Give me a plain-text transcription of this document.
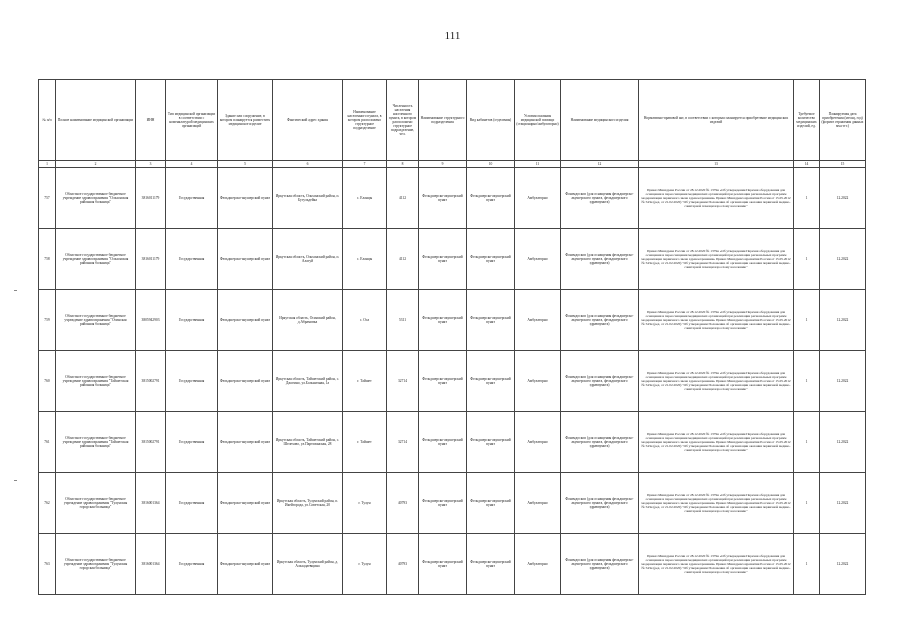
111
№ п/п	Полное наименование медицинской организации	ИНН	Тип медицинской организации в соответствии с номенклатурой медицинских организаций	Здание или сооружение, в котором планируется разместить медицинское изделие	Фактический адрес здания	Наименование населенного пункта, в котором расположено структурное подразделение	Численность населения населенного пункта, в котором расположено структурное подразделение, чел.	Наименование структурного подразделения	Вид кабинетов (отделения)	Условия оказания медицинской помощи (стационарно/амбулаторно)	Наименование медицинского изделия	Нормативно-правовой акт, в соответствии с которым планируется приобретение медицинских изделий	Требуемое количество медицинских изделий, ед.	Планируемая дата приобретения (месяц, год) (формат отражения данных мм.гггг.)
1	2	3	4	5	6	7	8	9	10	11	12	13	14	15
757	Областное государственное бюджетное учреждение здравоохранения "Ольхонская районная больница"	3816011179	Государственная	Фельдшерско-акушерский пункт	Иркутская область, Ольхонский район, п. Бугульдейка	с. Еланцы	4112	Фельдшерско-акушерский пункт	Фельдшерско-акушерский пункт	Амбулаторно	Фонендоскоп (для оснащения фельдшерско-акушерского пункта, фельдшерского здравпункта)	Приказ Минздрава России от 28.12.2020 № 1379н «Об утверждении Перечня оборудования для оснащения и переоснащения медицинских организаций при реализации региональных программ модернизации первичного звена здравоохранения» Приказ Минздравсоцразвития России от 15.05.2012 № 543н (ред. от 21.02.2020) "Об утверждении Положения об организации оказания первичной медико-санитарной помощи взрослому населению"	1	12.2022
758	Областное государственное бюджетное учреждение здравоохранения "Ольхонская районная больница"	3816011179	Государственная	Фельдшерско-акушерский пункт	Иркутская область, Ольхонский район, п. Алагуй	с. Еланцы	4112	Фельдшерско-акушерский пункт	Фельдшерско-акушерский пункт	Амбулаторно	Фонендоскоп (для оснащения фельдшерско-акушерского пункта, фельдшерского здравпункта)	Приказ Минздрава России от 28.12.2020 № 1379н «Об утверждении Перечня оборудования для оснащения и переоснащения медицинских организаций при реализации региональных программ модернизации первичного звена здравоохранения» Приказ Минздравсоцразвития России от 15.05.2012 № 543н (ред. от 21.02.2020) "Об утверждении Положения об организации оказания первичной медико-санитарной помощи взрослому населению"	1	12.2022
759	Областное государственное бюджетное учреждение здравоохранения "Осинская районная больница"	3805942903	Государственная	Фельдшерско-акушерский пункт	Иркутская область, Осинский район, д.Абрамовка	с. Оса	5311	Фельдшерско-акушерский пункт	Фельдшерско-акушерский пункт	Амбулаторно	Фонендоскоп (для оснащения фельдшерско-акушерского пункта, фельдшерского здравпункта)	Приказ Минздрава России от 28.12.2020 № 1379н «Об утверждении Перечня оборудования для оснащения и переоснащения медицинских организаций при реализации региональных программ модернизации первичного звена здравоохранения» Приказ Минздравсоцразвития России от 15.05.2012 № 543н (ред. от 21.02.2020) "Об утверждении Положения об организации оказания первичной медико-санитарной помощи взрослому населению"	1	12.2022
760	Областное государственное бюджетное учреждение здравоохранения "Тайшетская районная больница"	3815002791	Государственная	Фельдшерско-акушерский пункт	Иркутская область, Тайшетский район, с. Джогино, ул.Больничная, 1а	г. Тайшет	32714	Фельдшерско-акушерский пункт	Фельдшерско-акушерский пункт	Амбулаторно	Фонендоскоп (для оснащения фельдшерско-акушерского пункта, фельдшерского здравпункта)	Приказ Минздрава России от 28.12.2020 № 1379н «Об утверждении Перечня оборудования для оснащения и переоснащения медицинских организаций при реализации региональных программ модернизации первичного звена здравоохранения» Приказ Минздравсоцразвития России от 15.05.2012 № 543н (ред. от 21.02.2020) "Об утверждении Положения об организации оказания первичной медико-санитарной помощи взрослому населению"	1	12.2022
761	Областное государственное бюджетное учреждение здравоохранения "Тайшетская районная больница"	3815002791	Государственная	Фельдшерско-акушерский пункт	Иркутская область, Тайшетский район, с. Шелехово, ул.Партизанская, 28	г. Тайшет	32714	Фельдшерско-акушерский пункт	Фельдшерско-акушерский пункт	Амбулаторно	Фонендоскоп (для оснащения фельдшерско-акушерского пункта, фельдшерского здравпункта)	Приказ Минздрава России от 28.12.2020 № 1379н «Об утверждении Перечня оборудования для оснащения и переоснащения медицинских организаций при реализации региональных программ модернизации первичного звена здравоохранения» Приказ Минздравсоцразвития России от 15.05.2012 № 543н (ред. от 21.02.2020) "Об утверждении Положения об организации оказания первичной медико-санитарной помощи взрослому населению"	1	12.2022
762	Областное государственное бюджетное учреждение здравоохранения "Тулунская городская больница"	3816001364	Государственная	Фельдшерско-акушерский пункт	Иркутская область, Тулунский район, п. Икейгорода, ул.Советская, 20	г. Тулун	40793	Фельдшерско-акушерский пункт	Фельдшерско-акушерский пункт	Амбулаторно	Фонендоскоп (для оснащения фельдшерско-акушерского пункта, фельдшерского здравпункта)	Приказ Минздрава России от 28.12.2020 № 1379н «Об утверждении Перечня оборудования для оснащения и переоснащения медицинских организаций при реализации региональных программ модернизации первичного звена здравоохранения» Приказ Минздравсоцразвития России от 15.05.2012 № 543н (ред. от 21.02.2020) "Об утверждении Положения об организации оказания первичной медико-санитарной помощи взрослому населению"	1	12.2022
763	Областное государственное бюджетное учреждение здравоохранения "Тулунская городская больница"	3816001364	Государственная	Фельдшерско-акушерский пункт	Иркутская область, Тулунский район, д. Альхадаевщина	г. Тулун	40793	Фельдшерско-акушерский пункт	Фельдшерско-акушерский пункт	Амбулаторно	Фонендоскоп (для оснащения фельдшерско-акушерского пункта, фельдшерского здравпункта)	Приказ Минздрава России от 28.12.2020 № 1379н «Об утверждении Перечня оборудования для оснащения и переоснащения медицинских организаций при реализации региональных программ модернизации первичного звена здравоохранения» Приказ Минздравсоцразвития России от 15.05.2012 № 543н (ред. от 21.02.2020) "Об утверждении Положения об организации оказания первичной медико-санитарной помощи взрослому населению"	1	12.2022
